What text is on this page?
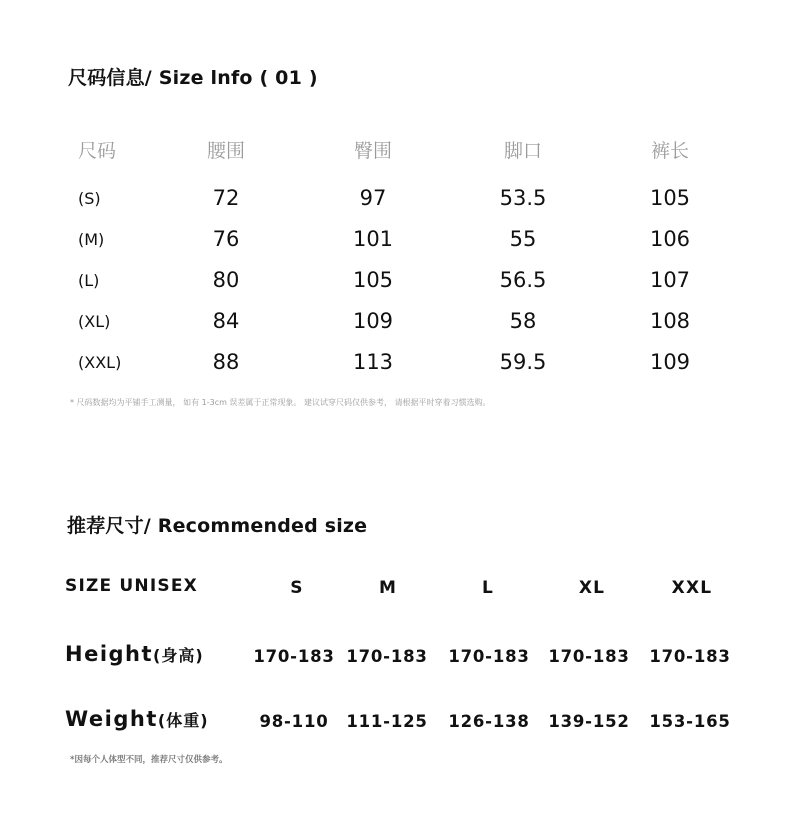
尺码信息/ Size lnfo ( 01 )
尺码	腰围	臀围	脚口	裤长
(S)	72	97	53.5	105
(M)	76	101	55	106
(L)	80	105	56.5	107
(XL)	84	109	58	108
(XXL)	88	113	59.5	109
* 尺码数据均为平铺手工测量， 如有 1-3cm 误差属于正常现象。 建议试穿尺码仅供参考， 请根据平时穿着习惯选购。
推荐尺寸/ Recommended size
SIZE UNISEX	S	M	L	XL	XXL
Height(身高)	170-183 170-183 170-183 170-183 170-183
Weight(体重)	98-110 111-125 126-138 139-152 153-165
*因每个人体型不同，推荐尺寸仅供参考。
